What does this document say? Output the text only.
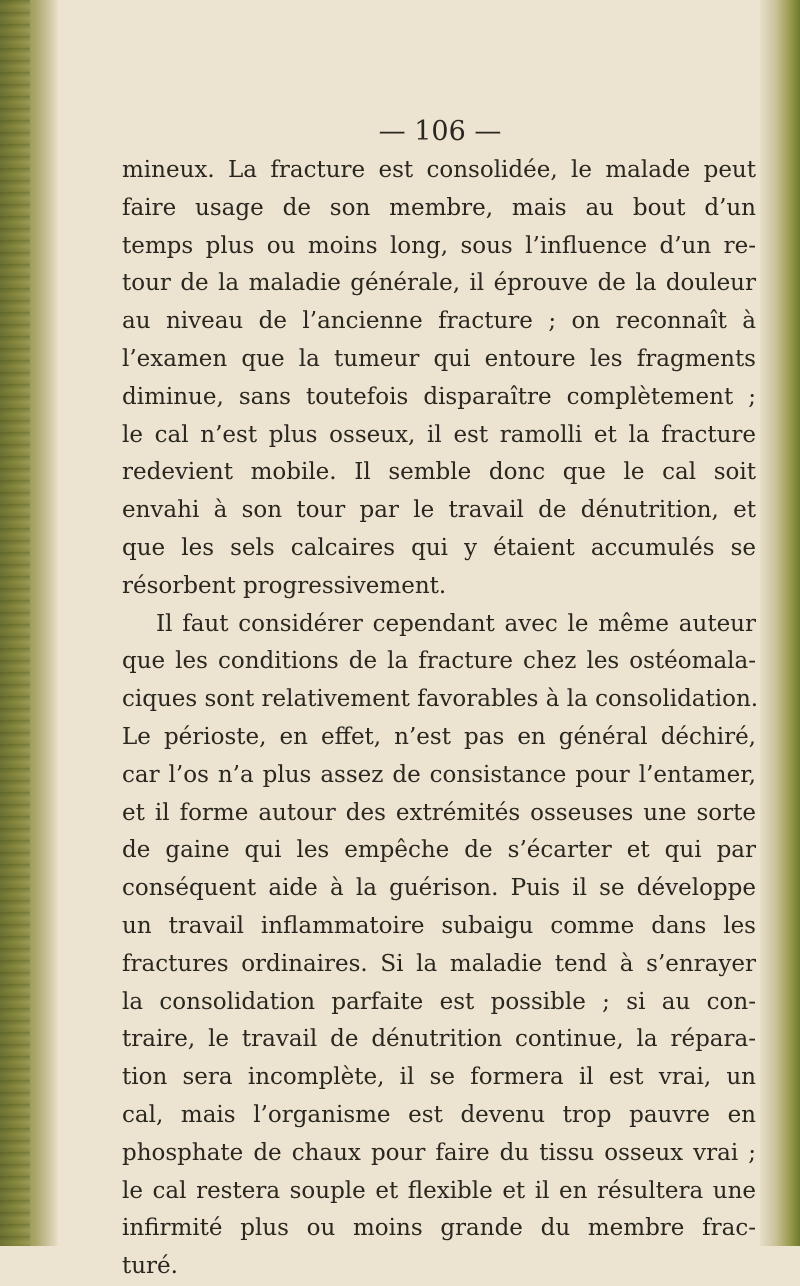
— 106 —

mineux. La fracture est consolidée, le malade peut
faire usage de son membre, mais au bout d’un
temps plus ou moins long, sous l’influence d’un re-
tour de la maladie générale, il éprouve de la douleur
au niveau de l’ancienne fracture ; on reconnaît à
l’examen que la tumeur qui entoure les fragments
diminue, sans toutefois disparaître complètement ;
le cal n’est plus osseux, il est ramolli et la fracture
redevient mobile. Il semble donc que le cal soit
envahi à son tour par le travail de dénutrition, et
que les sels calcaires qui y étaient accumulés se
résorbent progressivement.

Il faut considérer cependant avec le même auteur
que les conditions de la fracture chez les ostéomala-
ciques sont relativement favorables à la consolidation.
Le périoste, en effet, n’est pas en général déchiré,
car l’os n’a plus assez de consistance pour l’entamer,
et il forme autour des extrémités osseuses une sorte
de gaine qui les empêche de s’écarter et qui par
conséquent aide à la guérison. Puis il se développe
un travail inflammatoire subaigu comme dans les
fractures ordinaires. Si la maladie tend à s’enrayer
la consolidation parfaite est possible ; si au con-
traire, le travail de dénutrition continue, la répara-
tion sera incomplète, il se formera il est vrai, un
cal, mais l’organisme est devenu trop pauvre en
phosphate de chaux pour faire du tissu osseux vrai ;
le cal restera souple et flexible et il en résultera une
infirmité plus ou moins grande du membre frac-
turé.
